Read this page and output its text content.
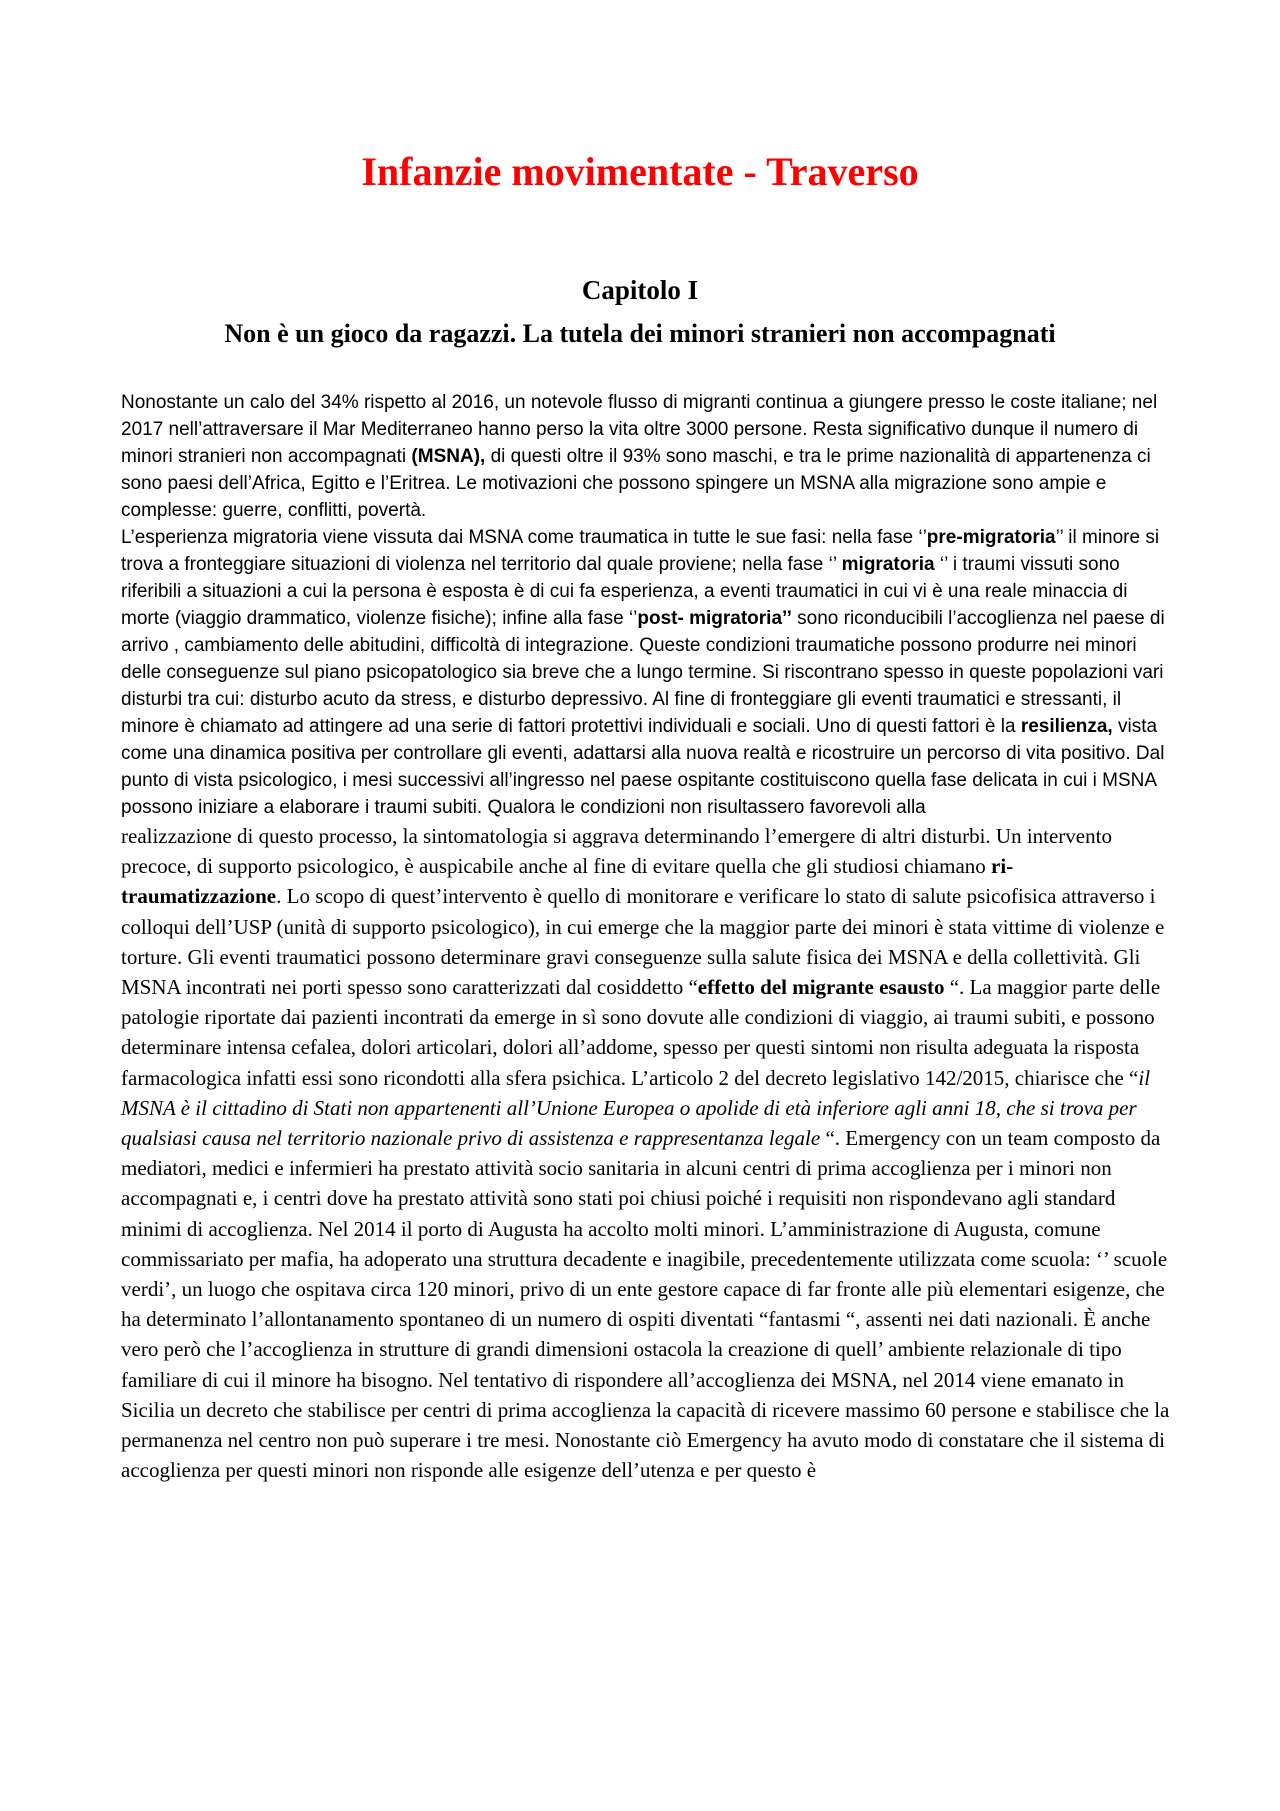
Infanzie movimentate - Traverso
Capitolo I
Non è un gioco da ragazzi. La tutela dei minori stranieri non accompagnati

Nonostante un calo del 34% rispetto al 2016, un notevole flusso di migranti continua a giungere presso le coste italiane; nel 2017 nell’attraversare il Mar Mediterraneo hanno perso la vita oltre 3000 persone. Resta significativo dunque il numero di minori stranieri non accompagnati (MSNA), di questi oltre il 93% sono maschi, e tra le prime nazionalità di appartenenza ci sono paesi dell’Africa, Egitto e l’Eritrea. Le motivazioni che possono spingere un MSNA alla migrazione sono ampie e complesse: guerre, conflitti, povertà.

L’esperienza migratoria viene vissuta dai MSNA come traumatica in tutte le sue fasi: nella fase ‘’pre-migratoria’’ il minore si trova a fronteggiare situazioni di violenza nel territorio dal quale proviene; nella fase ‘’ migratoria ‘’ i traumi vissuti sono riferibili a situazioni a cui la persona è esposta è di cui fa esperienza, a eventi traumatici in cui vi è una reale minaccia di morte (viaggio drammatico, violenze fisiche); infine alla fase ‘’post- migratoria’’ sono riconducibili l’accoglienza nel paese di arrivo , cambiamento delle abitudini, difficoltà di integrazione. Queste condizioni traumatiche possono produrre nei minori delle conseguenze sul piano psicopatologico sia breve che a lungo termine. Si riscontrano spesso in queste popolazioni vari disturbi tra cui: disturbo acuto da stress, e disturbo depressivo. Al fine di fronteggiare gli eventi traumatici e stressanti, il minore è chiamato ad attingere ad una serie di fattori protettivi individuali e sociali. Uno di questi fattori è la resilienza, vista come una dinamica positiva per controllare gli eventi, adattarsi alla nuova realtà e ricostruire un percorso di vita positivo. Dal punto di vista psicologico, i mesi successivi all’ingresso nel paese ospitante costituiscono quella fase delicata in cui i MSNA possono iniziare a elaborare i traumi subiti. Qualora le condizioni non risultassero favorevoli alla

realizzazione di questo processo, la sintomatologia si aggrava determinando l’emergere di altri disturbi. Un intervento precoce, di supporto psicologico, è auspicabile anche al fine di evitare quella che gli studiosi chiamano ri-traumatizzazione. Lo scopo di quest’intervento è quello di monitorare e verificare lo stato di salute psicofisica attraverso i colloqui dell’USP (unità di supporto psicologico), in cui emerge che la maggior parte dei minori è stata vittime di violenze e torture. Gli eventi traumatici possono determinare gravi conseguenze sulla salute fisica dei MSNA e della collettività. Gli MSNA incontrati nei porti spesso sono caratterizzati dal cosiddetto “effetto del migrante esausto “. La maggior parte delle patologie riportate dai pazienti incontrati da emerge in sì sono dovute alle condizioni di viaggio, ai traumi subiti, e possono determinare intensa cefalea, dolori articolari, dolori all’addome, spesso per questi sintomi non risulta adeguata la risposta farmacologica infatti essi sono ricondotti alla sfera psichica. L’articolo 2 del decreto legislativo 142/2015, chiarisce che “il MSNA è il cittadino di Stati non appartenenti all’Unione Europea o apolide di età inferiore agli anni 18, che si trova per qualsiasi causa nel territorio nazionale privo di assistenza e rappresentanza legale “. Emergency con un team composto da mediatori, medici e infermieri ha prestato attività socio sanitaria in alcuni centri di prima accoglienza per i minori non accompagnati e, i centri dove ha prestato attività sono stati poi chiusi poiché i requisiti non rispondevano agli standard minimi di accoglienza. Nel 2014 il porto di Augusta ha accolto molti minori. L’amministrazione di Augusta, comune commissariato per mafia, ha adoperato una struttura decadente e inagibile, precedentemente utilizzata come scuola: ‘’ scuole verdi’, un luogo che ospitava circa 120 minori, privo di un ente gestore capace di far fronte alle più elementari esigenze, che ha determinato l’allontanamento spontaneo di un numero di ospiti diventati “fantasmi “, assenti nei dati nazionali. È anche vero però che l’accoglienza in strutture di grandi dimensioni ostacola la creazione di quell’ ambiente relazionale di tipo familiare di cui il minore ha bisogno. Nel tentativo di rispondere all’accoglienza dei MSNA, nel 2014 viene emanato in Sicilia un decreto che stabilisce per centri di prima accoglienza la capacità di ricevere massimo 60 persone e stabilisce che la permanenza nel centro non può superare i tre mesi. Nonostante ciò Emergency ha avuto modo di constatare che il sistema di accoglienza per questi minori non risponde alle esigenze dell’utenza e per questo è
